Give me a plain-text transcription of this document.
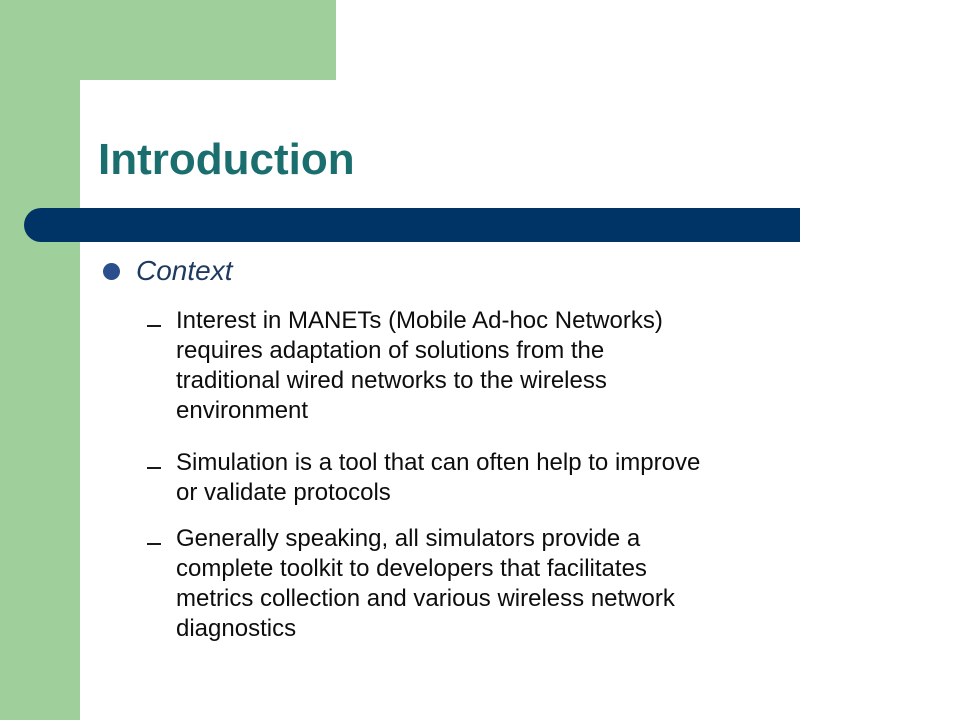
Introduction
Context
Interest in MANETs (Mobile Ad-hoc Networks)
requires adaptation of solutions from the
traditional wired networks to the wireless
environment
Simulation is a tool that can often help to improve
or validate protocols
Generally speaking, all simulators provide a
complete toolkit to developers that facilitates
metrics collection and various wireless network
diagnostics
